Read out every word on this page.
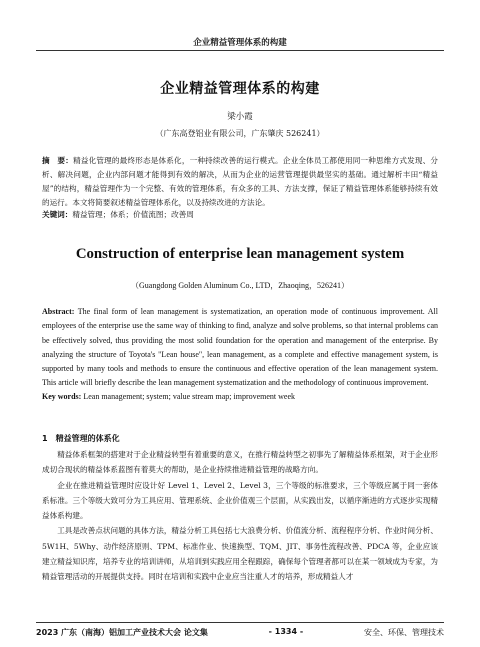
企业精益管理体系的构建
企业精益管理体系的构建
梁小霞
（广东高登铝业有限公司，广东肇庆 526241）
摘　要：精益化管理的最终形态是体系化，一种持续改善的运行模式。企业全体员工都使用同一种思维方式发现、分析、解决问题，企业内部问题才能得到有效的解决，从而为企业的运营管理提供最坚实的基础。通过解析丰田“精益屋”的结构，精益管理作为一个完整、有效的管理体系，有众多的工具、方法支撑，保证了精益管理体系能够持续有效的运行。本文将简要叙述精益管理体系化，以及持续改进的方法论。
关键词：精益管理；体系；价值流图；改善周
Construction of enterprise lean management system
（Guangdong Golden Aluminum Co., LTD，Zhaoqing，526241）
Abstract: The final form of lean management is systematization, an operation mode of continuous improvement. All employees of the enterprise use the same way of thinking to find, analyze and solve problems, so that internal problems can be effectively solved, thus providing the most solid foundation for the operation and management of the enterprise. By analyzing the structure of Toyota's "Lean house", lean management, as a complete and effective management system, is supported by many tools and methods to ensure the continuous and effective operation of the lean management system. This article will briefly describe the lean management systematization and the methodology of continuous improvement.
Key words: Lean management; system; value stream map; improvement week
1　精益管理的体系化

精益体系框架的搭建对于企业精益转型有着重要的意义，在推行精益转型之初事先了解精益体系框架，对于企业形成切合现状的精益体系蓝图有着莫大的帮助，是企业持续推进精益管理的战略方向。

企业在推进精益管理时应设计好 Level 1、Level 2、Level 3，三个等级的标准要求，三个等级应属于同一套体系标准。三个等级大致可分为工具应用、管理系统、企业价值观三个层面，从实践出发，以循序渐进的方式逐步实现精益体系构建。

工具是改善点状问题的具体方法，精益分析工具包括七大浪费分析、价值流分析、流程程序分析、作业时间分析、5W1H、5Why、动作经济原则、TPM、标准作业、快速换型、TQM、JIT、事务性流程改善、PDCA 等，企业应该建立精益知识库，培养专业的培训讲师，从培训到实践应用全程跟踪，确保每个管理者都可以在某一领域成为专家，为精益管理活动的开展提供支持。同时在培训和实践中企业应当注重人才的培养，形成精益人才

2023 广东（南海）铝加工产业技术大会 论文集	- 1334 -	安全、环保、管理技术
